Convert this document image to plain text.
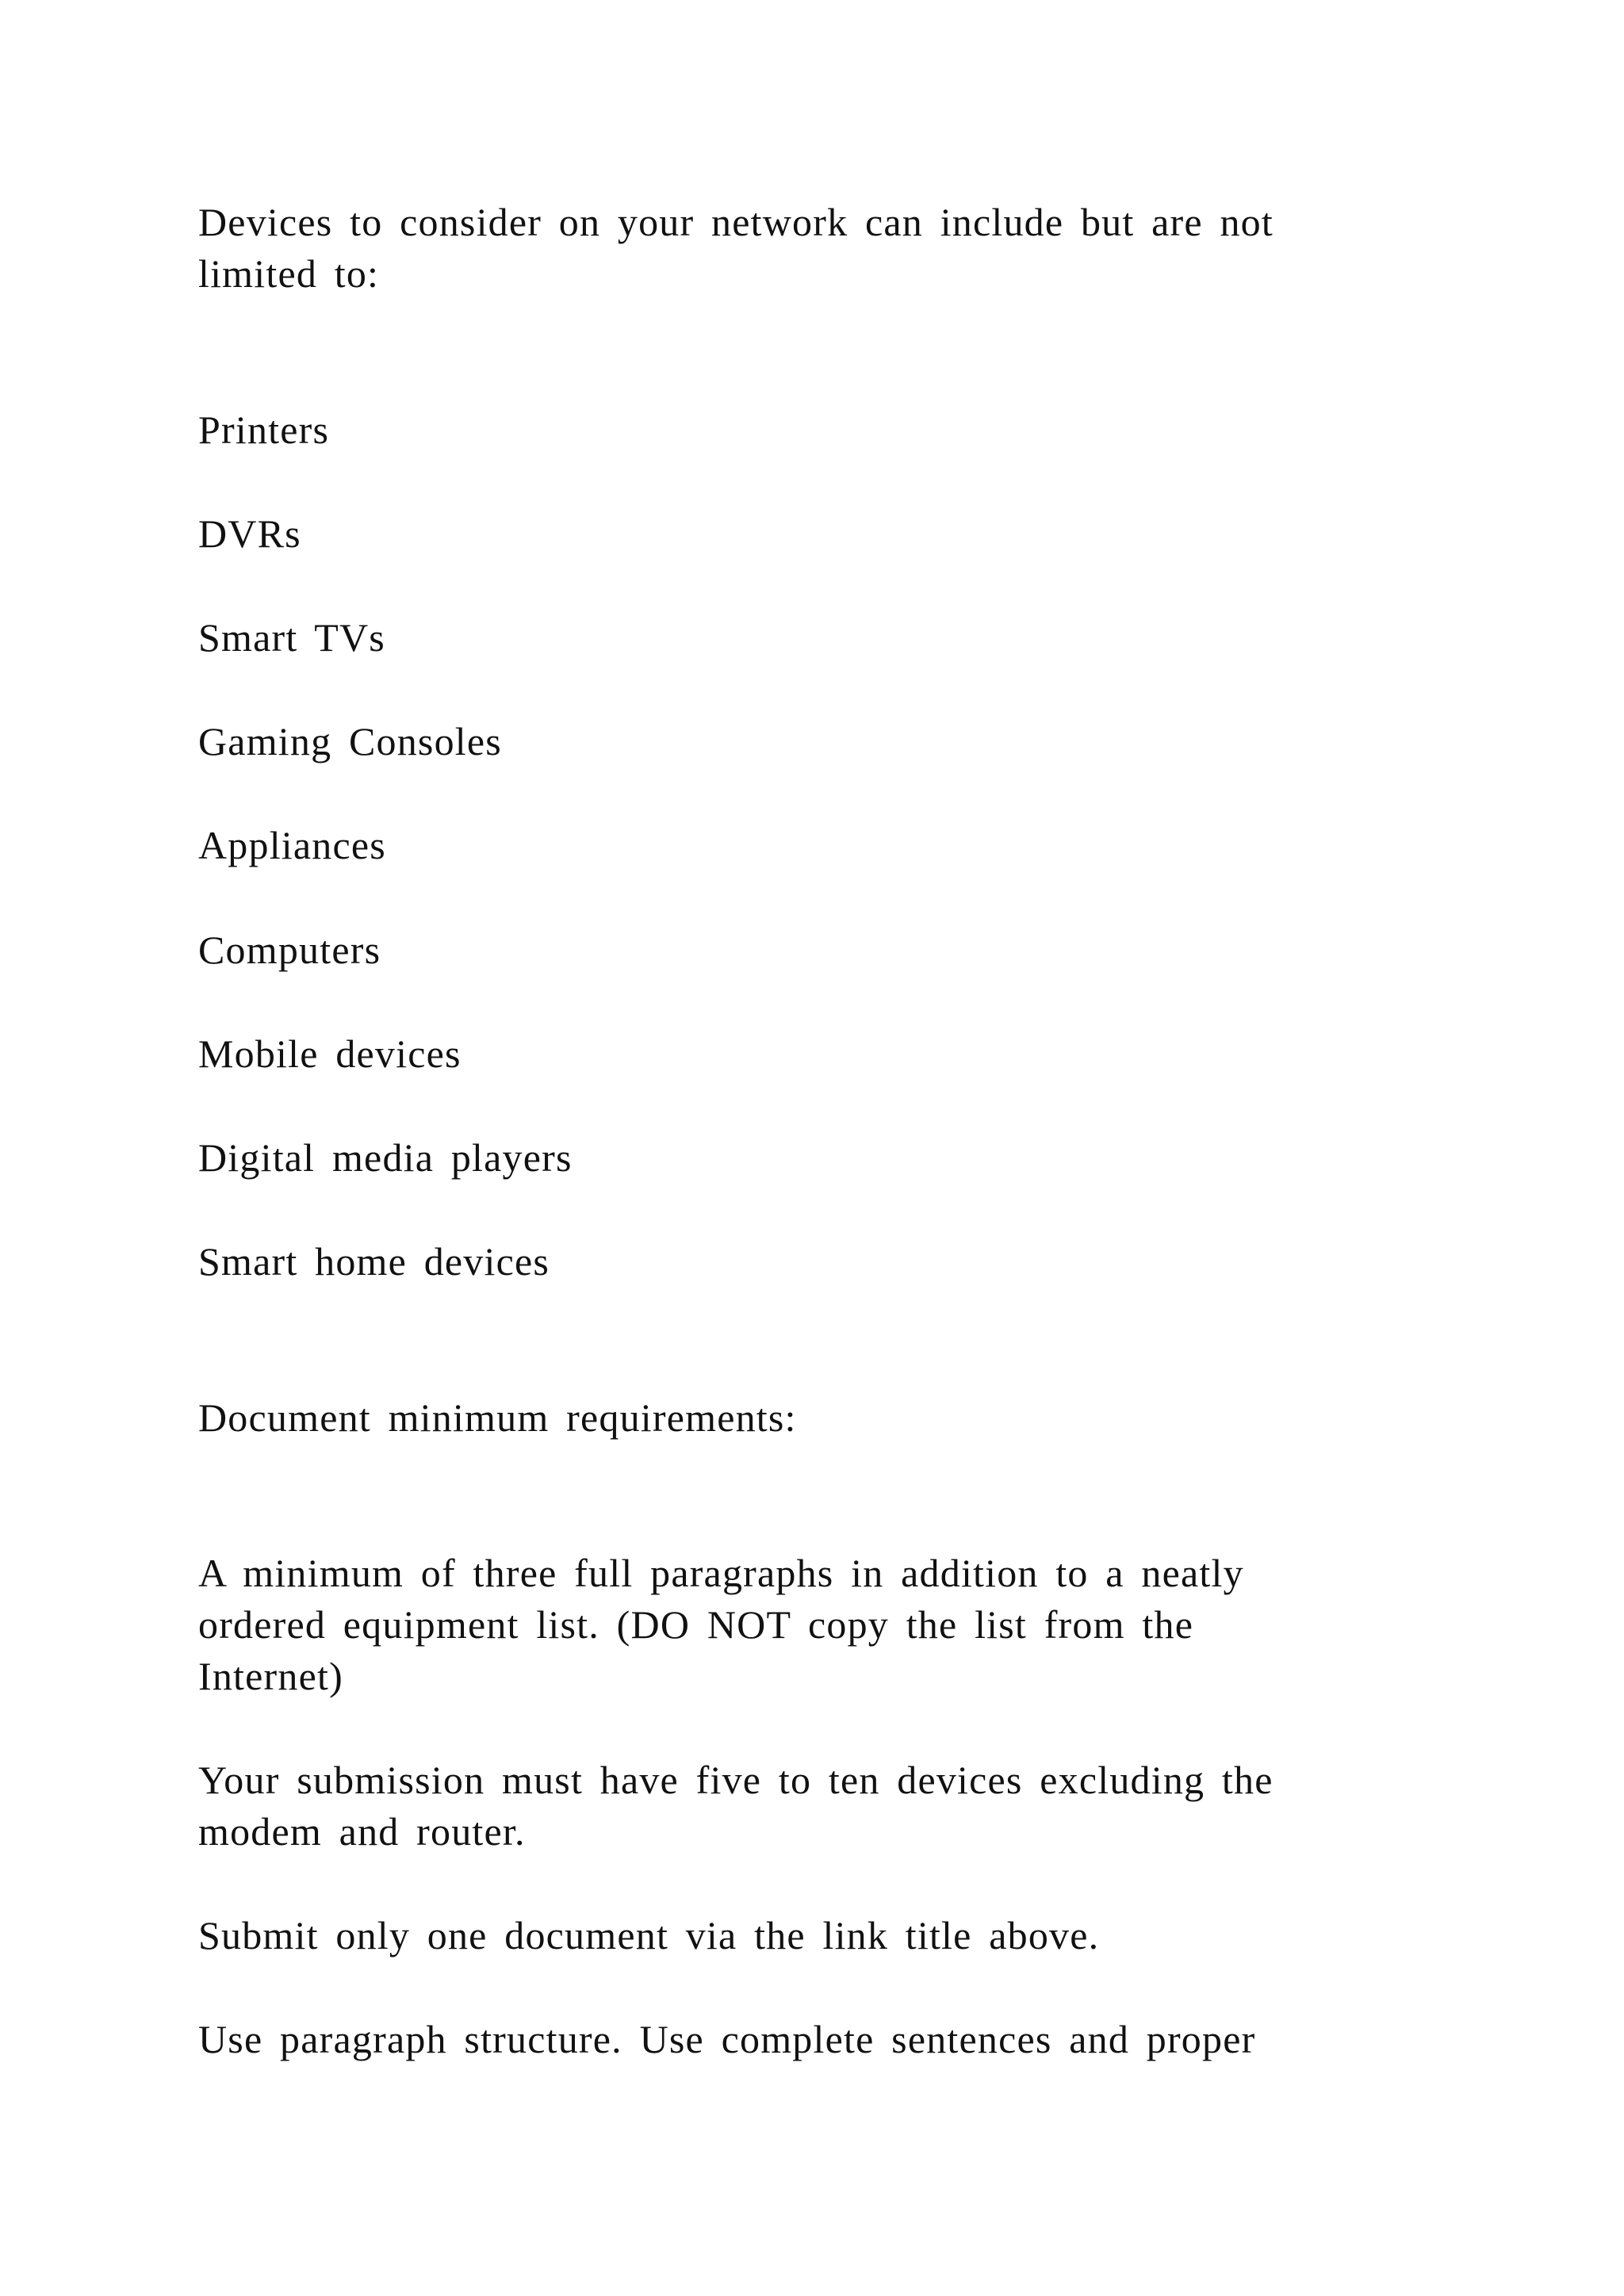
Devices to consider on your network can include but are not

limited to:

Printers

DVRs

Smart TVs

Gaming Consoles

Appliances

Computers

Mobile devices

Digital media players

Smart home devices

Document minimum requirements:

A minimum of three full paragraphs in addition to a neatly

ordered equipment list. (DO NOT copy the list from the

Internet)

Your submission must have five to ten devices excluding the

modem and router.

Submit only one document via the link title above.

Use paragraph structure. Use complete sentences and proper
